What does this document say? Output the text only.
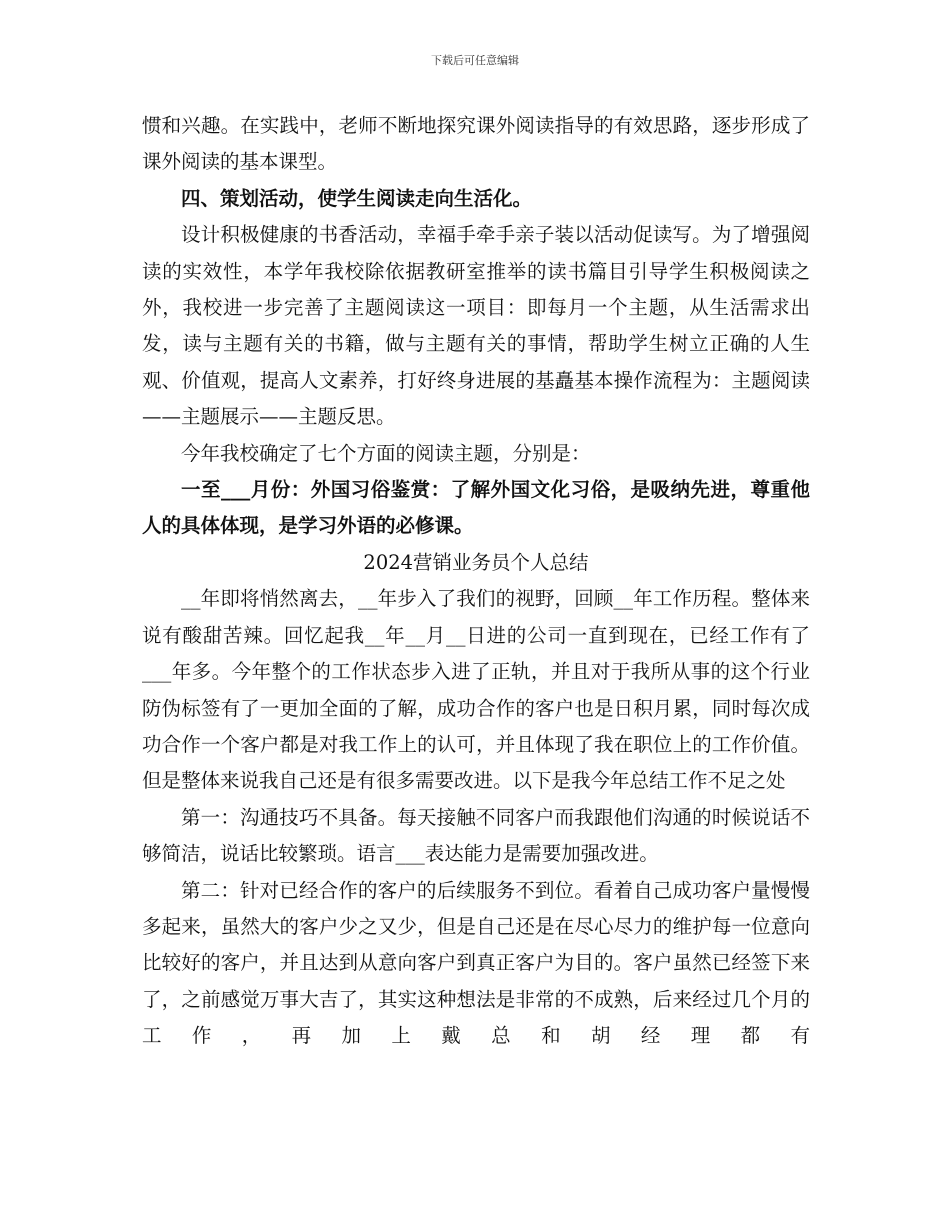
下载后可任意编辑

惯和兴趣。在实践中，老师不断地探究课外阅读指导的有效思路，逐步形成了课外阅读的基本课型。

四、策划活动，使学生阅读走向生活化。

设计积极健康的书香活动，幸福手牵手亲子装以活动促读写。为了增强阅读的实效性，本学年我校除依据教研室推举的读书篇目引导学生积极阅读之外，我校进一步完善了主题阅读这一项目：即每月一个主题，从生活需求出发，读与主题有关的书籍，做与主题有关的事情，帮助学生树立正确的人生观、价值观，提高人文素养，打好终身进展的基矗基本操作流程为：主题阅读——主题展示——主题反思。

今年我校确定了七个方面的阅读主题，分别是：

一至___月份：外国习俗鉴赏：了解外国文化习俗，是吸纳先进，尊重他人的具体体现，是学习外语的必修课。

2024营销业务员个人总结

__年即将悄然离去，__年步入了我们的视野，回顾__年工作历程。整体来说有酸甜苦辣。回忆起我__年__月__日进的公司一直到现在，已经工作有了___年多。今年整个的工作状态步入进了正轨，并且对于我所从事的这个行业防伪标签有了一更加全面的了解，成功合作的客户也是日积月累，同时每次成功合作一个客户都是对我工作上的认可，并且体现了我在职位上的工作价值。但是整体来说我自己还是有很多需要改进。以下是我今年总结工作不足之处

第一：沟通技巧不具备。每天接触不同客户而我跟他们沟通的时候说话不够简洁，说话比较繁琐。语言___表达能力是需要加强改进。

第二：针对已经合作的客户的后续服务不到位。看着自己成功客户量慢慢多起来，虽然大的客户少之又少，但是自己还是在尽心尽力的维护每一位意向比较好的客户，并且达到从意向客户到真正客户为目的。客户虽然已经签下来了，之前感觉万事大吉了，其实这种想法是非常的不成熟，后来经过几个月的工作，再加上戴总和胡经理都有
